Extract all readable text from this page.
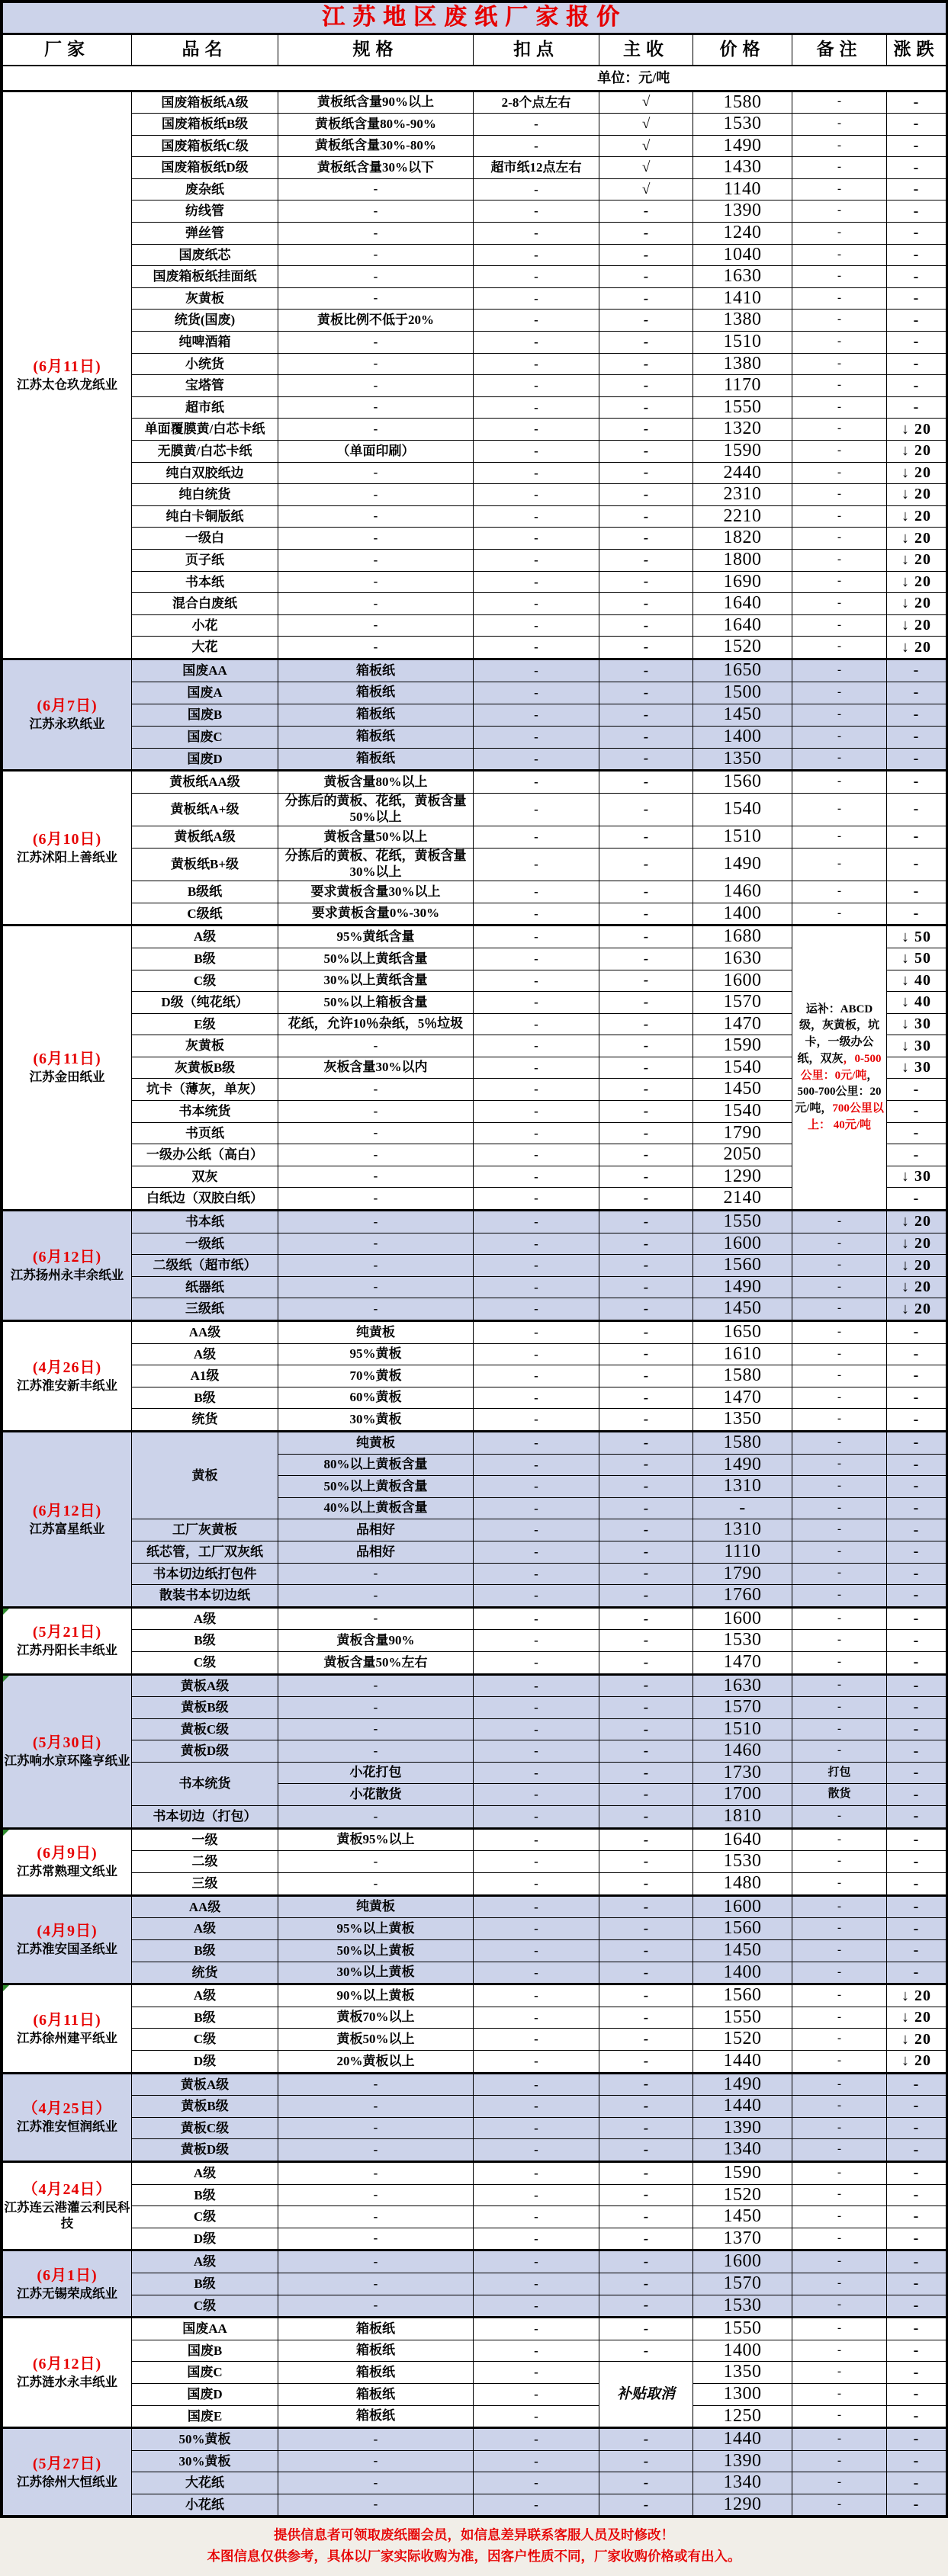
江苏地区废纸厂家报价							
厂家	品名	规格	扣点	主收	价格	备注	涨跌
单位：元/吨							

(6月11日)
江苏太仓玖龙纸业	国废箱板纸A级	黄板纸含量90%以上	2-8个点左右	√	1580	-	-
	国废箱板纸B级	黄板纸含量80%-90%	-	√	1530	-	-
	国废箱板纸C级	黄板纸含量30%-80%	-	√	1490	-	-
	国废箱板纸D级	黄板纸含量30%以下	超市纸12点左右	√	1430	-	-
	废杂纸	-	-	√	1140	-	-
	纺线管	-	-	-	1390	-	-
	弹丝管	-	-	-	1240	-	-
	国废纸芯	-	-	-	1040	-	-
	国废箱板纸挂面纸	-	-	-	1630	-	-
	灰黄板	-	-	-	1410	-	-
	统货(国废)	黄板比例不低于20%	-	-	1380	-	-
	纯啤酒箱	-	-	-	1510	-	-
	小统货	-	-	-	1380	-	-
	宝塔管	-	-	-	1170	-	-
	超市纸	-	-	-	1550	-	-
	单面覆膜黄/白芯卡纸	-	-	-	1320	-	↓ 20
	无膜黄/白芯卡纸	（单面印刷）	-	-	1590	-	↓ 20
	纯白双胶纸边	-	-	-	2440	-	↓ 20
	纯白统货	-	-	-	2310	-	↓ 20
	纯白卡铜版纸	-	-	-	2210	-	↓ 20
	一级白	-	-	-	1820	-	↓ 20
	页子纸	-	-	-	1800	-	↓ 20
	书本纸	-	-	-	1690	-	↓ 20
	混合白废纸	-	-	-	1640	-	↓ 20
	小花	-	-	-	1640	-	↓ 20
	大花	-	-	-	1520	-	↓ 20

(6月7日)
江苏永玖纸业	国废AA	箱板纸	-	-	1650	-	-
	国废A	箱板纸	-	-	1500	-	-
	国废B	箱板纸	-	-	1450	-	-
	国废C	箱板纸	-	-	1400	-	-
	国废D	箱板纸	-	-	1350	-	-

(6月10日)
江苏沭阳上善纸业	黄板纸AA级	黄板含量80%以上	-	-	1560	-	-
	黄板纸A+级	分拣后的黄板、花纸，黄板含量50%以上	-	-	1540	-	-
	黄板纸A级	黄板含量50%以上	-	-	1510	-	-
	黄板纸B+级	分拣后的黄板、花纸，黄板含量30%以上	-	-	1490	-	-
	B级纸	要求黄板含量30%以上	-	-	1460	-	-
	C级纸	要求黄板含量0%-30%	-	-	1400	-	-

(6月11日)
江苏金田纸业	A级	95%黄纸含量	-	-	1680	运补：ABCD级，灰黄板，坑卡，一级办公纸，双灰，0-500公里：0元/吨，500-700公里：20元/吨，700公里以上： 40元/吨	↓ 50
	B级	50%以上黄纸含量	-	-	1630		↓ 50
	C级	30%以上黄纸含量	-	-	1600		↓ 40
	D级（纯花纸）	50%以上箱板含量	-	-	1570		↓ 40
	E级	花纸，允许10％杂纸，5％垃圾	-	-	1470		↓ 30
	灰黄板	-	-	-	1590		↓ 30
	灰黄板B级	灰板含量30%以内	-	-	1540		↓ 30
	坑卡（薄灰，单灰）	-	-	-	1450		-
	书本统货	-	-	-	1540		-
	书页纸	-	-	-	1790		-
	一级办公纸（高白）	-	-	-	2050		-
	双灰	-	-	-	1290		↓ 30
	白纸边（双胶白纸）	-	-	-	2140		-

(6月12日)
江苏扬州永丰余纸业	书本纸	-	-	-	1550	-	↓ 20
	一级纸	-	-	-	1600	-	↓ 20
	二级纸（超市纸）	-	-	-	1560	-	↓ 20
	纸器纸	-	-	-	1490	-	↓ 20
	三级纸	-	-	-	1450	-	↓ 20

(4月26日)
江苏淮安新丰纸业	AA级	纯黄板	-	-	1650	-	-
	A级	95%黄板	-	-	1610	-	-
	A1级	70%黄板	-	-	1580	-	-
	B级	60%黄板	-	-	1470	-	-
	统货	30%黄板	-	-	1350	-	-

(6月12日)
江苏富星纸业	黄板	纯黄板	-	-	1580	-	-
		80%以上黄板含量	-	-	1490	-	-
		50%以上黄板含量	-	-	1310	-	-
		40%以上黄板含量	-	-	-	-	-
	工厂灰黄板	品相好	-	-	1310	-	-
	纸芯管，工厂双灰纸	品相好	-	-	1110	-	-
	书本切边纸打包件	-	-	-	1790	-	-
	散装书本切边纸	-	-	-	1760	-	-

(5月21日)
江苏丹阳长丰纸业	A级	-	-	-	1600	-	-
	B级	黄板含量90%	-	-	1530	-	-
	C级	黄板含量50%左右	-	-	1470	-	-

(5月30日)
江苏响水京环隆亨纸业	黄板A级	-	-	-	1630	-	-
	黄板B级	-	-	-	1570	-	-
	黄板C级	-	-	-	1510	-	-
	黄板D级	-	-	-	1460	-	-
	书本统货	小花打包	-	-	1730	打包	-
		小花散货	-	-	1700	散货	-
	书本切边（打包）	-	-	-	1810	-	-

(6月9日)
江苏常熟理文纸业	一级	黄板95%以上	-	-	1640	-	-
	二级	-	-	-	1530	-	-
	三级	-	-	-	1480	-	-

(4月9日)
江苏淮安国圣纸业	AA级	纯黄板	-	-	1600	-	-
	A级	95%以上黄板	-	-	1560	-	-
	B级	50%以上黄板	-	-	1450	-	-
	统货	30%以上黄板	-	-	1400	-	-

(6月11日)
江苏徐州建平纸业	A级	90%以上黄板	-	-	1560	-	↓ 20
	B级	黄板70%以上	-	-	1550	-	↓ 20
	C级	黄板50%以上	-	-	1520	-	↓ 20
	D级	20%黄板以上	-	-	1440	-	↓ 20

（4月25日）
江苏淮安恒润纸业	黄板A级	-	-	-	1490	-	-
	黄板B级	-	-	-	1440	-	-
	黄板C级	-	-	-	1390	-	-
	黄板D级	-	-	-	1340	-	-

（4月24日）
江苏连云港灌云利民科技	A级	-	-	-	1590	-	-
	B级	-	-	-	1520	-	-
	C级	-	-	-	1450	-	-
	D级	-	-	-	1370	-	-

(6月1日)
江苏无锡荣成纸业	A级	-	-	-	1600	-	-
	B级	-	-	-	1570	-	-
	C级	-	-	-	1530	-	-

(6月12日)
江苏涟水永丰纸业	国废AA	箱板纸	-	-	1550	-	-
	国废B	箱板纸	-	-	1400	-	-
	国废C	箱板纸	-	补贴取消	1350	-	-
	国废D	箱板纸	-		1300	-	-
	国废E	箱板纸	-		1250	-	-

(5月27日)
江苏徐州大恒纸业	50%黄板	-	-	-	1440	-	-
	30%黄板	-	-	-	1390	-	-
	大花纸	-	-	-	1340	-	-
	小花纸	-	-	-	1290	-	-
提供信息者可领取废纸圈会员，如信息差异联系客服人员及时修改！
本图信息仅供参考，具体以厂家实际收购为准，因客户性质不同，厂家收购价格或有出入。
